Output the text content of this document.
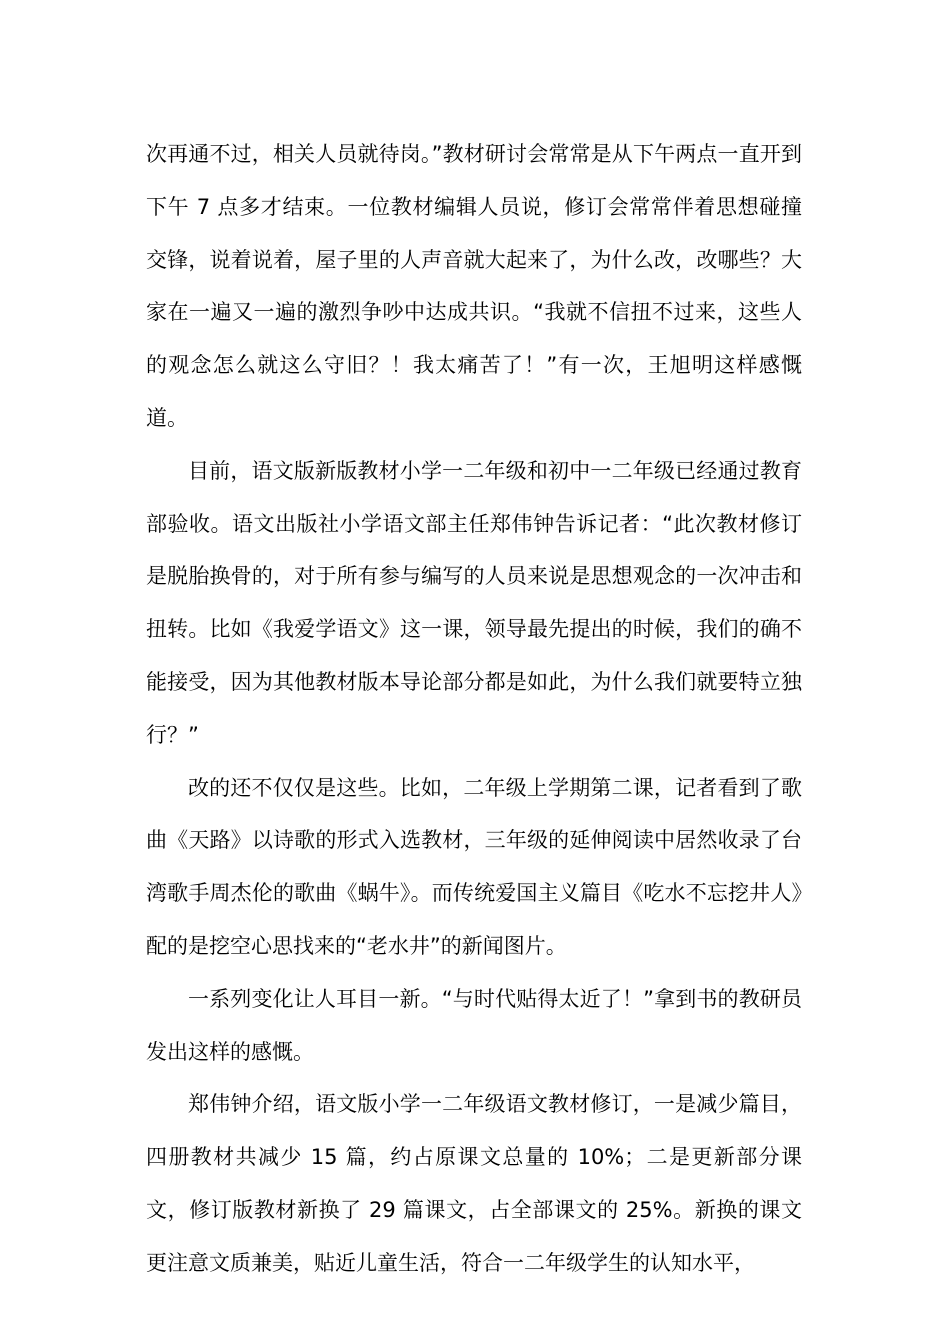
次再通不过，相关人员就待岗。”教材研讨会常常是从下午两点一直开到下午 7 点多才结束。一位教材编辑人员说，修订会常常伴着思想碰撞交锋，说着说着，屋子里的人声音就大起来了，为什么改，改哪些？大家在一遍又一遍的激烈争吵中达成共识。“我就不信扭不过来，这些人的观念怎么就这么守旧？！我太痛苦了！”有一次，王旭明这样感慨道。

目前，语文版新版教材小学一二年级和初中一二年级已经通过教育部验收。语文出版社小学语文部主任郑伟钟告诉记者：“此次教材修订是脱胎换骨的，对于所有参与编写的人员来说是思想观念的一次冲击和扭转。比如《我爱学语文》这一课，领导最先提出的时候，我们的确不能接受，因为其他教材版本导论部分都是如此，为什么我们就要特立独行？”

改的还不仅仅是这些。比如，二年级上学期第二课，记者看到了歌曲《天路》以诗歌的形式入选教材，三年级的延伸阅读中居然收录了台湾歌手周杰伦的歌曲《蜗牛》。而传统爱国主义篇目《吃水不忘挖井人》配的是挖空心思找来的“老水井”的新闻图片。

一系列变化让人耳目一新。“与时代贴得太近了！”拿到书的教研员发出这样的感慨。

郑伟钟介绍，语文版小学一二年级语文教材修订，一是减少篇目，四册教材共减少 15 篇，约占原课文总量的 10%；二是更新部分课文，修订版教材新换了 29 篇课文，占全部课文的 25%。新换的课文更注意文质兼美，贴近儿童生活，符合一二年级学生的认知水平，
